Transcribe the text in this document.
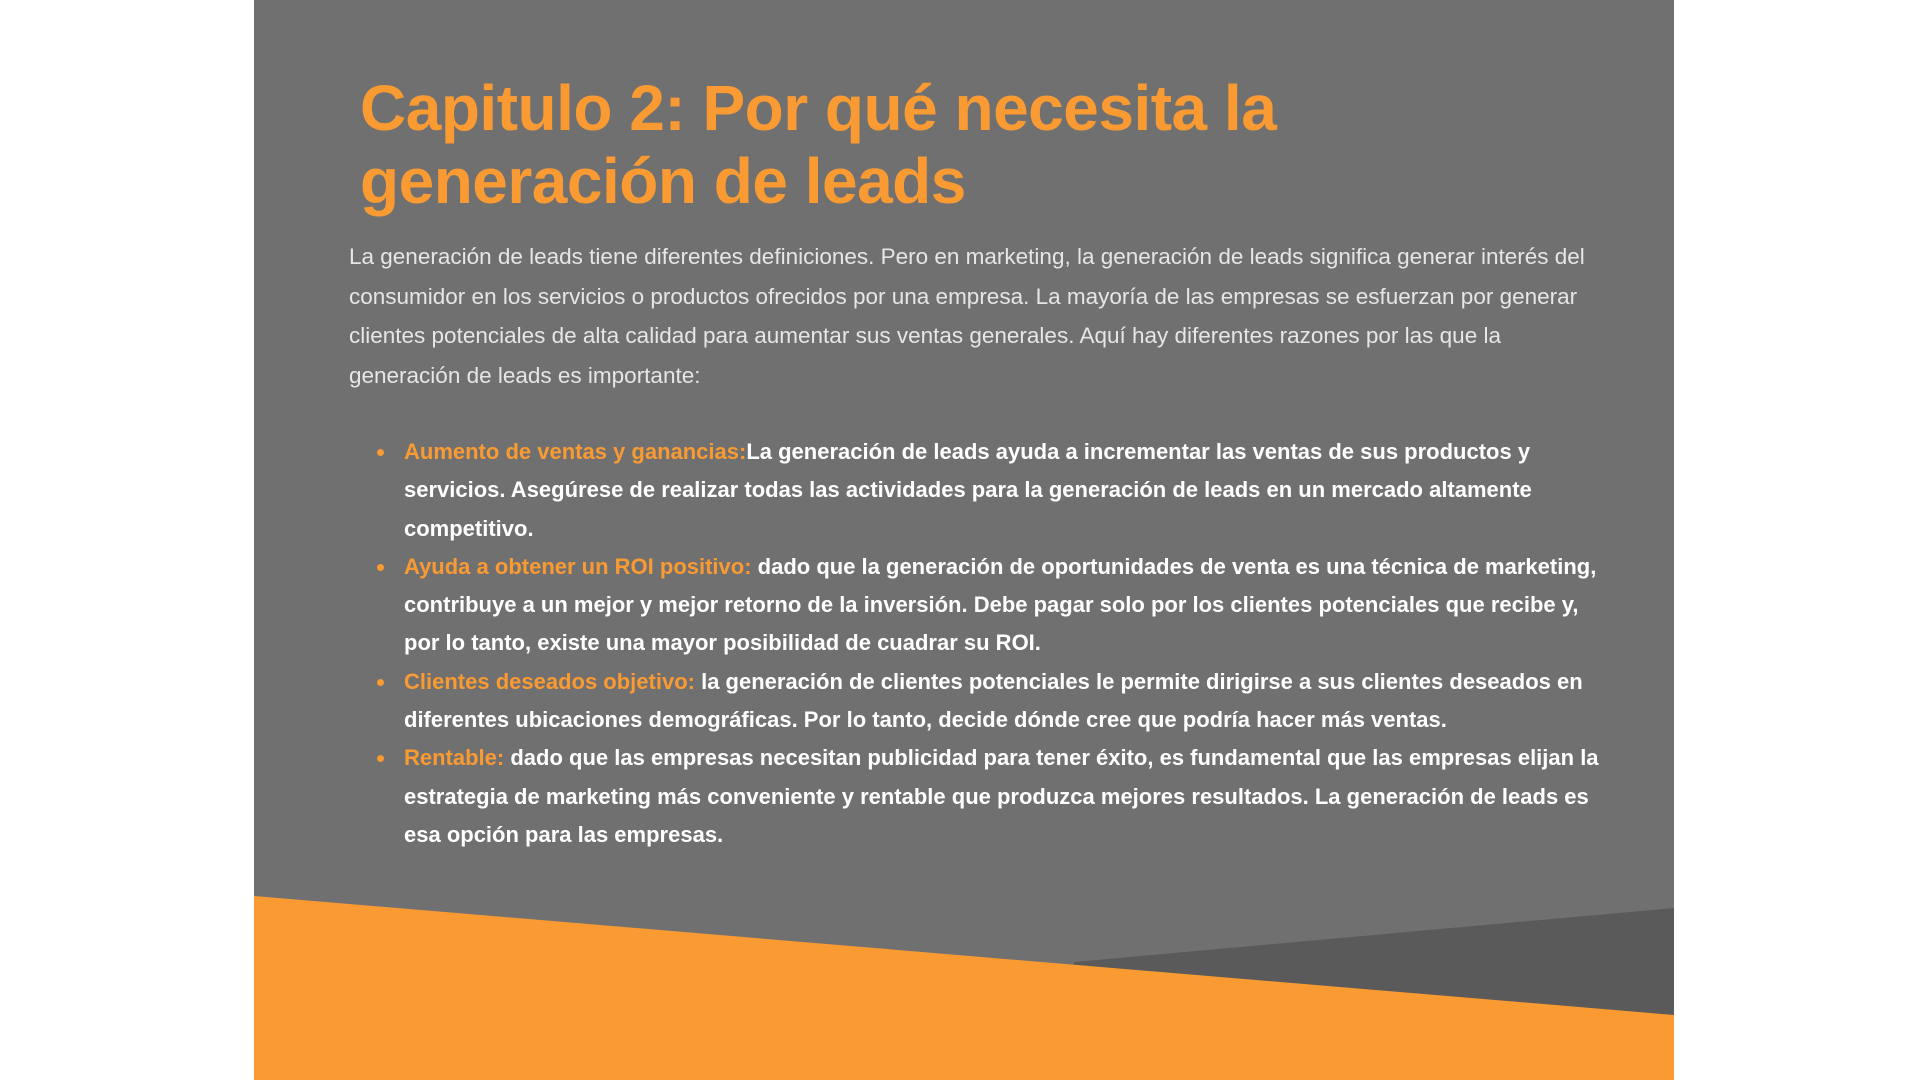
Capitulo 2: Por qué necesita la generación de leads

La generación de leads tiene diferentes definiciones. Pero en marketing, la generación de leads significa generar interés del consumidor en los servicios o productos ofrecidos por una empresa. La mayoría de las empresas se esfuerzan por generar clientes potenciales de alta calidad para aumentar sus ventas generales. Aquí hay diferentes razones por las que la generación de leads es importante:

Aumento de ventas y ganancias:La generación de leads ayuda a incrementar las ventas de sus productos y servicios. Asegúrese de realizar todas las actividades para la generación de leads en un mercado altamente competitivo.
Ayuda a obtener un ROI positivo: dado que la generación de oportunidades de venta es una técnica de marketing, contribuye a un mejor y mejor retorno de la inversión. Debe pagar solo por los clientes potenciales que recibe y, por lo tanto, existe una mayor posibilidad de cuadrar su ROI.
Clientes deseados objetivo: la generación de clientes potenciales le permite dirigirse a sus clientes deseados en diferentes ubicaciones demográficas. Por lo tanto, decide dónde cree que podría hacer más ventas.
Rentable: dado que las empresas necesitan publicidad para tener éxito, es fundamental que las empresas elijan la estrategia de marketing más conveniente y rentable que produzca mejores resultados. La generación de leads es esa opción para las empresas.
